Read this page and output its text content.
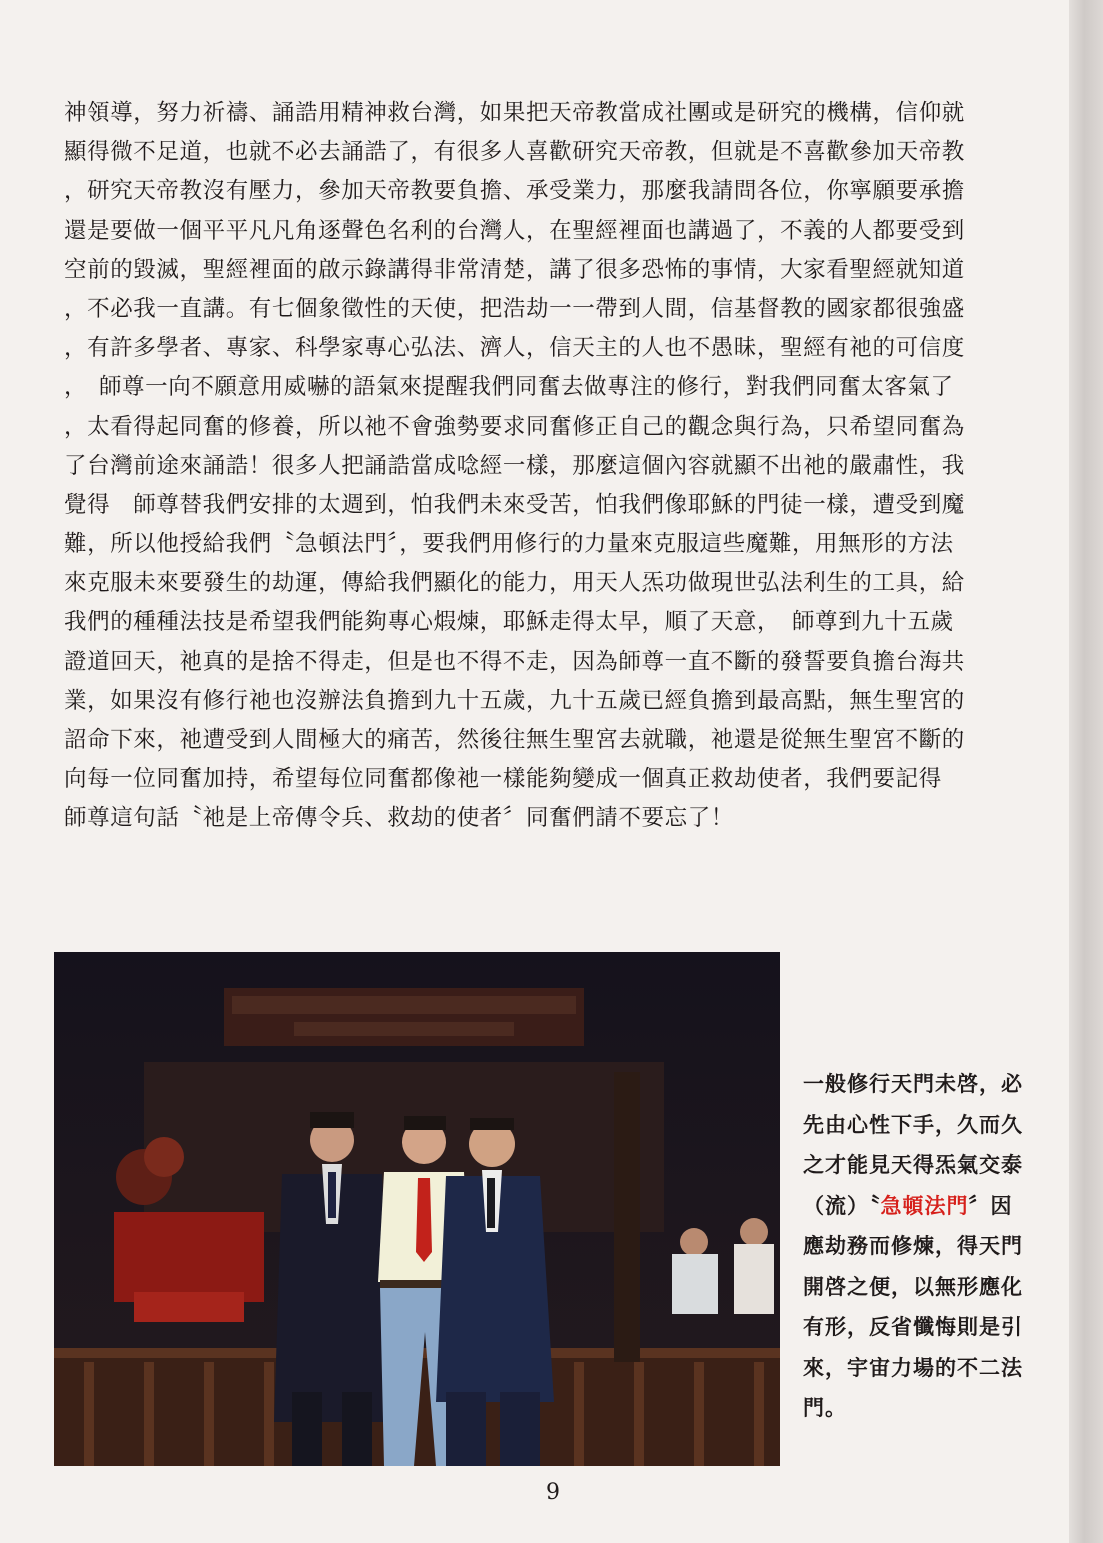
神領導，努力祈禱、誦誥用精神救台灣，如果把天帝教當成社團或是研究的機構，信仰就
顯得微不足道，也就不必去誦誥了，有很多人喜歡研究天帝教，但就是不喜歡參加天帝教
，研究天帝教沒有壓力，參加天帝教要負擔、承受業力，那麼我請問各位，你寧願要承擔
還是要做一個平平凡凡角逐聲色名利的台灣人，在聖經裡面也講過了，不義的人都要受到
空前的毀滅，聖經裡面的啟示錄講得非常清楚，講了很多恐怖的事情，大家看聖經就知道
，不必我一直講。有七個象徵性的天使，把浩劫一一帶到人間，信基督教的國家都很強盛
，有許多學者、專家、科學家專心弘法、濟人，信天主的人也不愚昧，聖經有祂的可信度
，　師尊一向不願意用威嚇的語氣來提醒我們同奮去做專注的修行，對我們同奮太客氣了
，太看得起同奮的修養，所以祂不會強勢要求同奮修正自己的觀念與行為，只希望同奮為
了台灣前途來誦誥！很多人把誦誥當成唸經一樣，那麼這個內容就顯不出祂的嚴肅性，我
覺得　師尊替我們安排的太週到，怕我們未來受苦，怕我們像耶穌的門徒一樣，遭受到魔
難，所以他授給我們〝急頓法門〞，要我們用修行的力量來克服這些魔難，用無形的方法
來克服未來要發生的劫運，傳給我們顯化的能力，用天人炁功做現世弘法利生的工具，給
我們的種種法技是希望我們能夠專心煆煉，耶穌走得太早，順了天意，　師尊到九十五歲
證道回天，祂真的是捨不得走，但是也不得不走，因為師尊一直不斷的發誓要負擔台海共
業，如果沒有修行祂也沒辦法負擔到九十五歲，九十五歲已經負擔到最高點，無生聖宮的
詔命下來，祂遭受到人間極大的痛苦，然後往無生聖宮去就職，祂還是從無生聖宮不斷的
向每一位同奮加持，希望每位同奮都像祂一樣能夠變成一個真正救劫使者，我們要記得
師尊這句話〝祂是上帝傳令兵、救劫的使者〞同奮們請不要忘了！
一般修行天門未啓，必
先由心性下手，久而久
之才能見天得炁氣交泰
（流）〝急頓法門〞因
應劫務而修煉，得天門
開啓之便，以無形應化
有形，反省懺悔則是引
來，宇宙力場的不二法
門。
9
